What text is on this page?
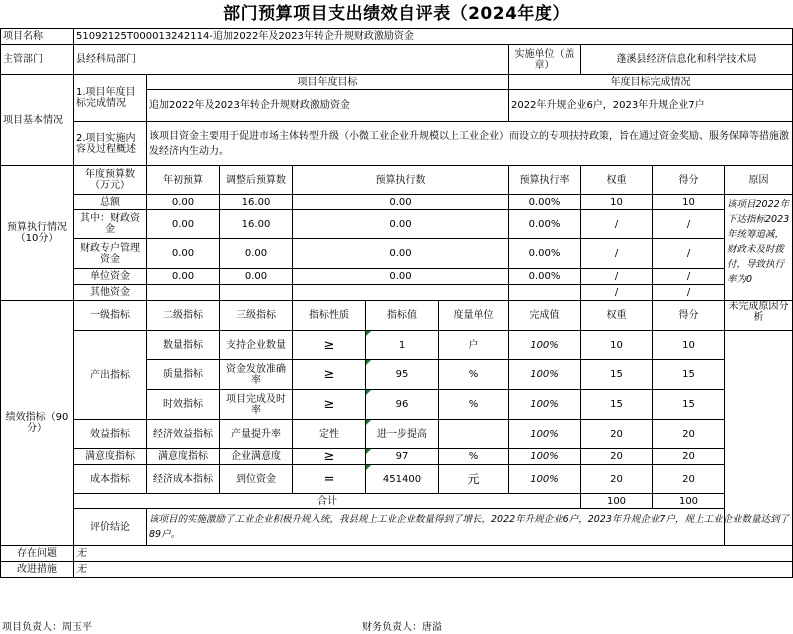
部门预算项目支出绩效自评表（2024年度）
项目名称	51092125T000013242114-追加2022年及2023年转企升规财政激励资金									
主管部门	县经科局部门						实施单位（盖章）	蓬溪县经济信息化和科学技术局		
项目基本情况	1.项目年度目标完成情况	项目年度目标					年度目标完成情况			
		追加2022年及2023年转企升规财政激励资金					2022年升规企业6户，2023年升规企业7户			
	2.项目实施内容及过程概述	该项目资金主要用于促进市场主体转型升级（小微工业企业升规模以上工业企业）而设立的专项扶持政策，旨在通过资金奖励、服务保障等措施激发经济内生动力。								
预算执行情况（10分）	年度预算数（万元）	年初预算	调整后预算数	预算执行数			预算执行率	权重	得分	原因
	总额	0.00	16.00	0.00			0.00%	10	10	该项目2022年下达指标2023年统筹追减，财政未及时拨付，导致执行率为0
	其中：财政资金	0.00	16.00	0.00			0.00%	/	/	
	财政专户管理资金	0.00	0.00	0.00			0.00%	/	/	
	单位资金	0.00	0.00	0.00			0.00%	/	/	
	其他资金							/	/	
绩效指标（90分）	一级指标	二级指标	三级指标	指标性质	指标值	度量单位	完成值	权重	得分	未完成原因分析
	产出指标	数量指标	支持企业数量	≥	1	户	100%	10	10	
		质量指标	资金发放准确率	≥	95	%	100%	15	15	
		时效指标	项目完成及时率	≥	96	%	100%	15	15	
	效益指标	经济效益指标	产量提升率	定性	进一步提高		100%	20	20	
	满意度指标	满意度指标	企业满意度	≥	97	%	100%	20	20	
	成本指标	经济成本指标	到位资金	=	451400	元	100%	20	20	
	合计							100	100	
	评价结论	该项目的实施激励了工业企业积极升规入统，我县规上工业企业数量得到了增长，2022年升规企业6户，2023年升规企业7户，规上工业企业数量达到了89户。								
存在问题	无									
改进措施	无									
项目负责人：周玉平	财务负责人：唐溢
